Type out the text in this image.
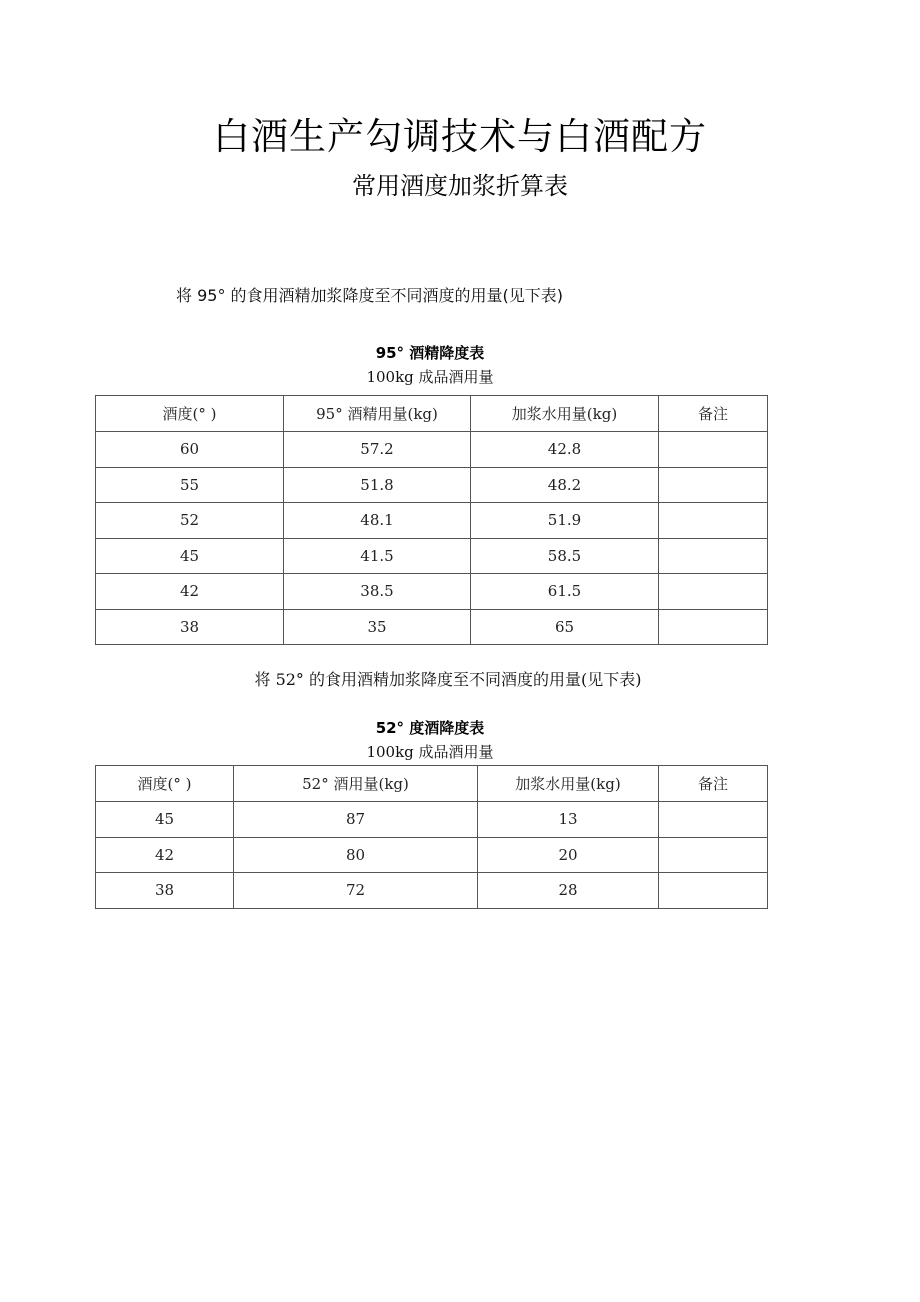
白酒生产勾调技术与白酒配方
常用酒度加浆折算表
将 95° 的食用酒精加浆降度至不同酒度的用量(见下表)
95° 酒精降度表
100kg 成品酒用量
酒度(° )	95° 酒精用量(kg)	加浆水用量(kg)	备注
60	57.2	42.8	
55	51.8	48.2	
52	48.1	51.9	
45	41.5	58.5	
42	38.5	61.5	
38	35	65	
将 52° 的食用酒精加浆降度至不同酒度的用量(见下表)
52° 度酒降度表
100kg 成品酒用量
酒度(° )	52° 酒用量(kg)	加浆水用量(kg)	备注
45	87	13	
42	80	20	
38	72	28	
